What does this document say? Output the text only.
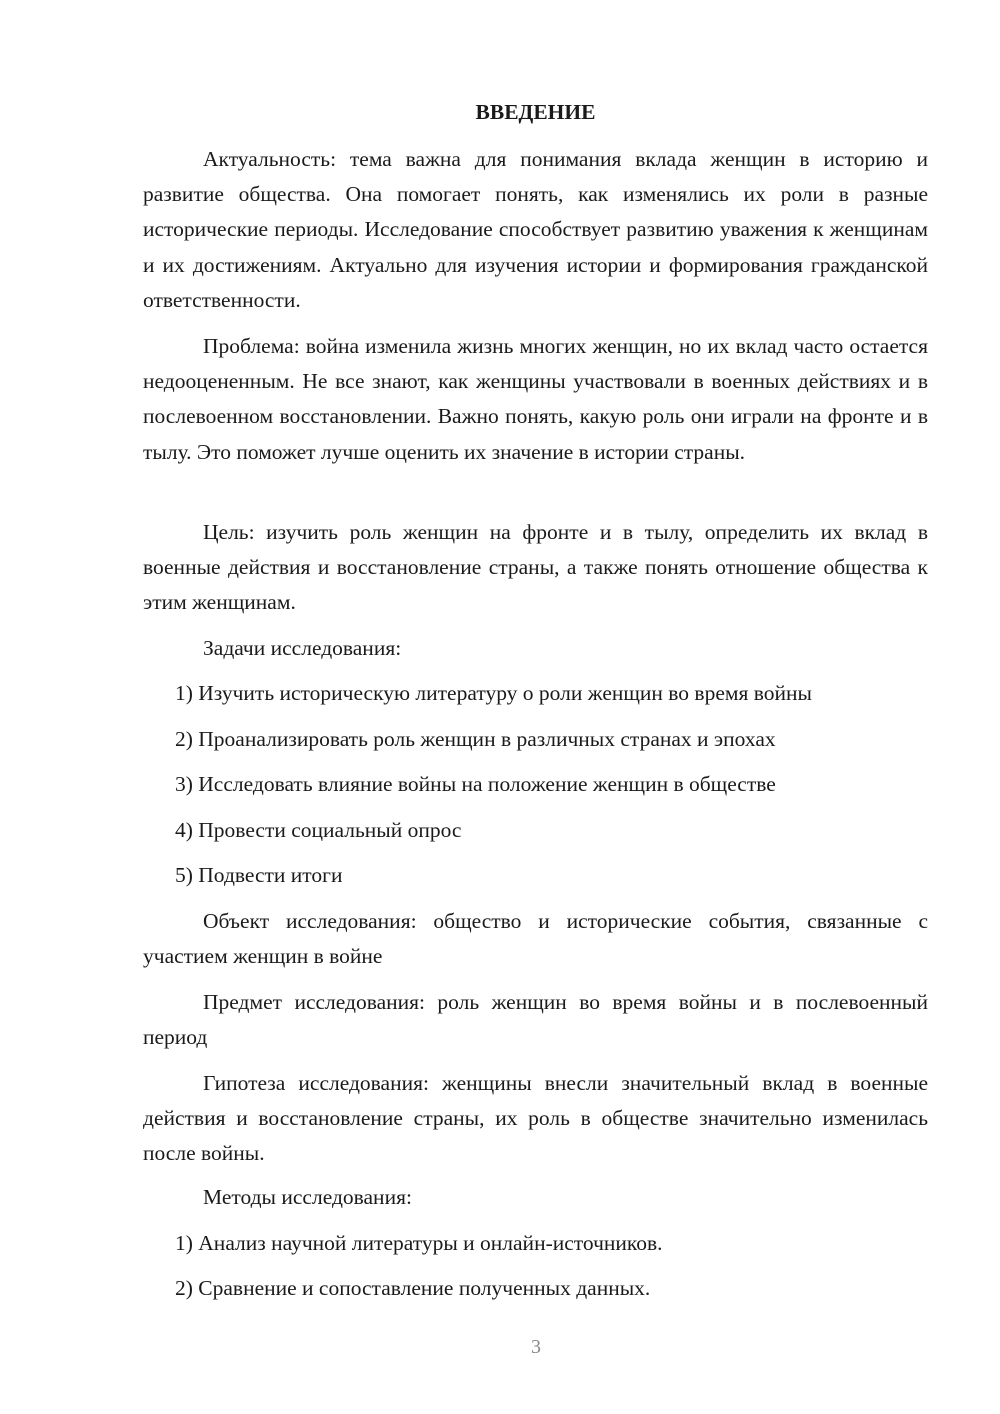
ВВЕДЕНИЕ

Актуальность: тема важна для понимания вклада женщин в историю и развитие общества. Она помогает понять, как изменялись их роли в разные исторические периоды. Исследование способствует развитию уважения к женщинам и их достижениям. Актуально для изучения истории и формирования гражданской ответственности.

Проблема: война изменила жизнь многих женщин, но их вклад часто остается недооцененным. Не все знают, как женщины участвовали в военных действиях и в послевоенном восстановлении. Важно понять, какую роль они играли на фронте и в тылу. Это поможет лучше оценить их значение в истории страны.

Цель: изучить роль женщин на фронте и в тылу, определить их вклад в военные действия и восстановление страны, а также понять отношение общества к этим женщинам.

Задачи исследования:
1) Изучить историческую литературу о роли женщин во время войны
2) Проанализировать роль женщин в различных странах и эпохах
3) Исследовать влияние войны на положение женщин в обществе
4) Провести социальный опрос
5) Подвести итоги

Объект исследования: общество и исторические события, связанные с участием женщин в войне

Предмет исследования: роль женщин во время войны и в послевоенный период

Гипотеза исследования: женщины внесли значительный вклад в военные действия и восстановление страны, их роль в обществе значительно изменилась после войны.

Методы исследования:
1) Анализ научной литературы и онлайн-источников.
2) Сравнение и сопоставление полученных данных.
3
